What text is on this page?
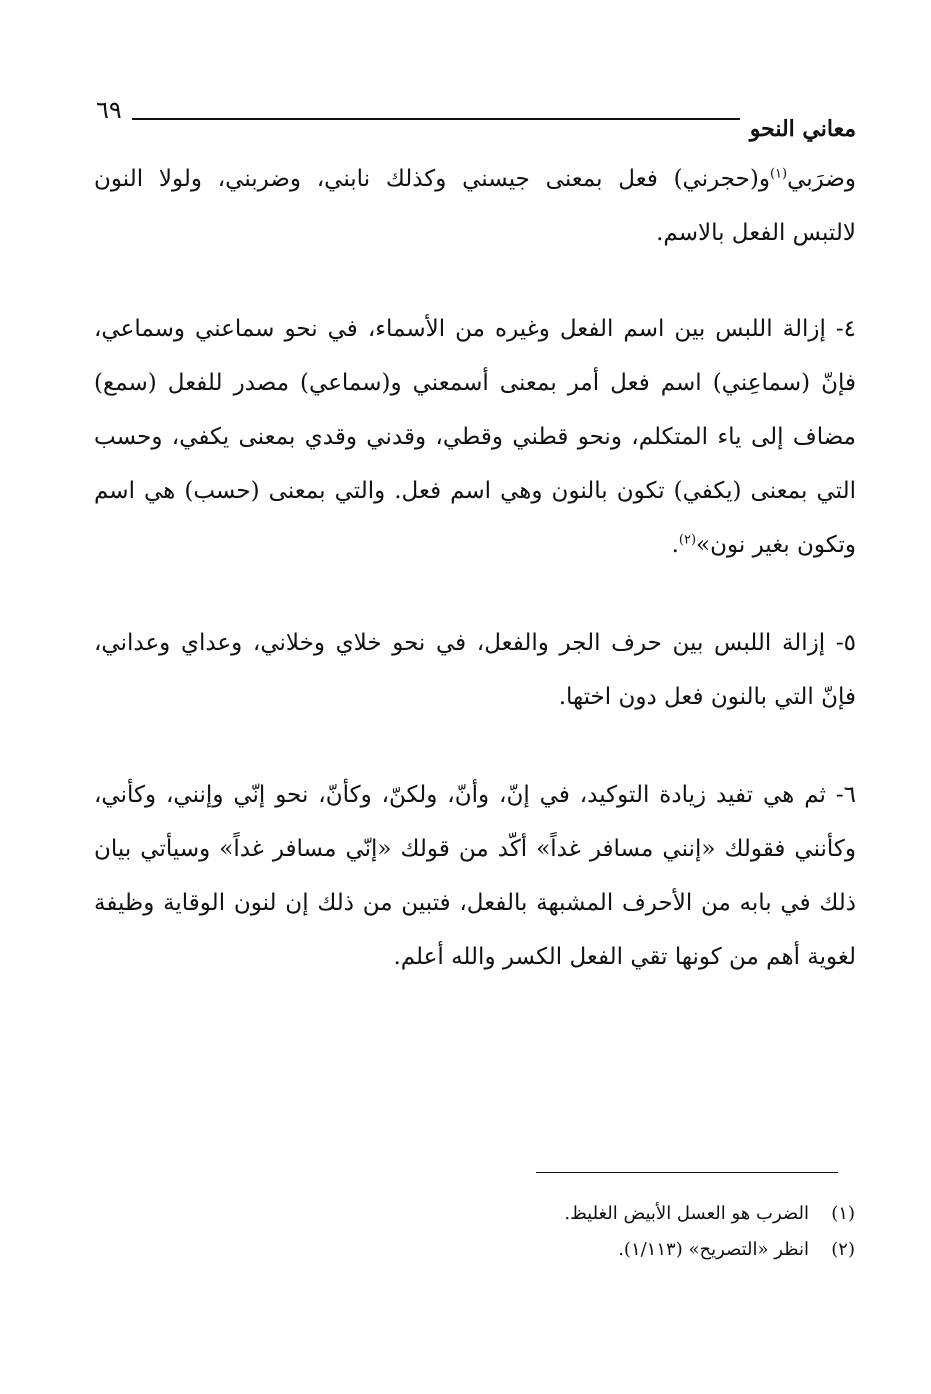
٦٩
معاني النحو

وضرَبي$^{(١)}$و(حجرني) فعل بمعنى جيسني وكذلك نابني، وضربني، ولولا النون لالتبس الفعل بالاسم.

٤- إزالة اللبس بين اسم الفعل وغيره من الأسماء، في نحو سماعني وسماعي، فإنّ (سماعِني) اسم فعل أمر بمعنى أسمعني و(سماعي) مصدر للفعل (سمع) مضاف إلى ياء المتكلم، ونحو قطني وقطي، وقدني وقدي بمعنى يكفي، وحسب التي بمعنى (يكفي) تكون بالنون وهي اسم فعل. والتي بمعنى (حسب) هي اسم وتكون بغير نون»$^{(٢)}$.

٥- إزالة اللبس بين حرف الجر والفعل، في نحو خلاي وخلاني، وعداي وعداني، فإنّ التي بالنون فعل دون اختها.

٦- ثم هي تفيد زيادة التوكيد، في إنّ، وأنّ، ولكنّ، وكأنّ، نحو إنّي وإنني، وكأني، وكأنني فقولك «إنني مسافر غداً» أكّد من قولك «إنّي مسافر غداً» وسيأتي بيان ذلك في بابه من الأحرف المشبهة بالفعل، فتبين من ذلك إن لنون الوقاية وظيفة لغوية أهم من كونها تقي الفعل الكسر والله أعلم.

(١)الضرب هو العسل الأبيض الغليظ.
(٢)انظر «التصريح» (١/١١٣).
